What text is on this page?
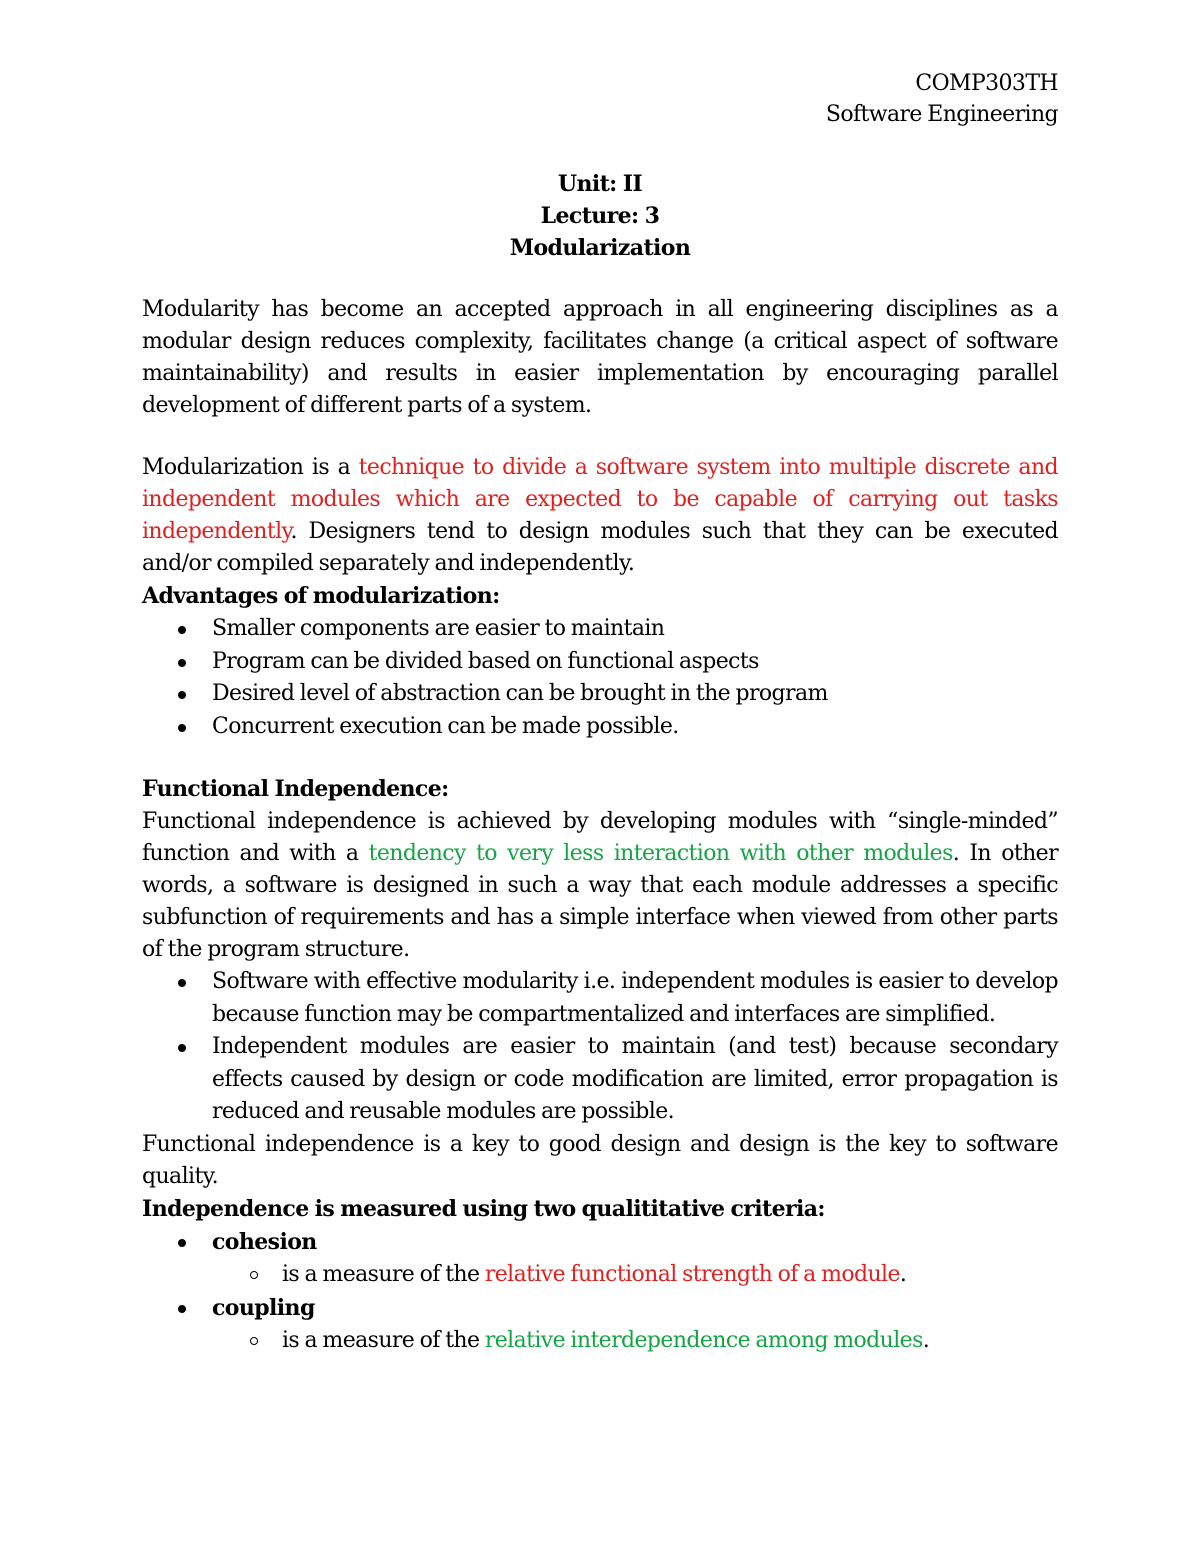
COMP303TH
Software Engineering
Unit: II
Lecture: 3
Modularization

Modularity has become an accepted approach in all engineering disciplines as a modular design reduces complexity, facilitates change (a critical aspect of software maintainability) and results in easier implementation by encouraging parallel development of different parts of a system.

Modularization is a technique to divide a software system into multiple discrete and independent modules which are expected to be capable of carrying out tasks independently. Designers tend to design modules such that they can be executed and/or compiled separately and independently.

Advantages of modularization:
Smaller components are easier to maintain
Program can be divided based on functional aspects
Desired level of abstraction can be brought in the program
Concurrent execution can be made possible.
Functional Independence:

Functional independence is achieved by developing modules with “single-minded” function and with a tendency to very less interaction with other modules. In other words, a software is designed in such a way that each module addresses a specific subfunction of requirements and has a simple interface when viewed from other parts of the program structure.

Software with effective modularity i.e. independent modules is easier to develop because function may be compartmentalized and interfaces are simplified.
Independent modules are easier to maintain (and test) because secondary effects caused by design or code modification are limited, error propagation is reduced and reusable modules are possible.

Functional independence is a key to good design and design is the key to software quality.

Independence is measured using two qualititative criteria:
cohesion
is a measure of the relative functional strength of a module.
coupling
is a measure of the relative interdependence among modules.
